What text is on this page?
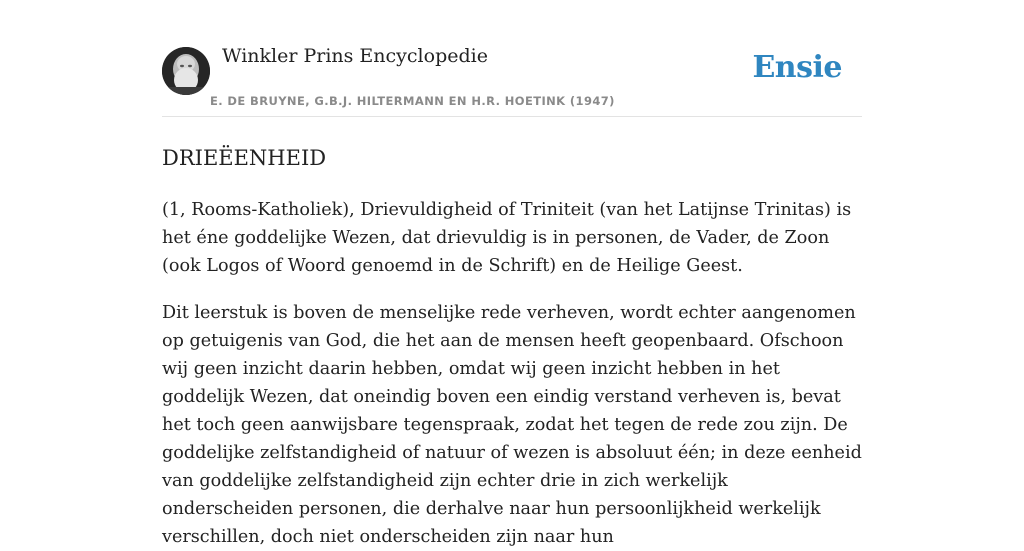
Winkler Prins Encyclopedie
E. DE BRUYNE, G.B.J. HILTERMANN EN H.R. HOETINK (1947)
Ensie
DRIEËENHEID

(1, Rooms-Katholiek), Drievuldigheid of Triniteit (van het Latijnse Trinitas) is het éne goddelijke Wezen, dat drievuldig is in personen, de Vader, de Zoon (ook Logos of Woord genoemd in de Schrift) en de Heilige Geest.

Dit leerstuk is boven de menselijke rede verheven, wordt echter aangenomen op getuigenis van God, die het aan de mensen heeft geopenbaard. Ofschoon wij geen inzicht daarin hebben, omdat wij geen inzicht hebben in het goddelijk Wezen, dat oneindig boven een eindig verstand verheven is, bevat het toch geen aanwijsbare tegenspraak, zodat het tegen de rede zou zijn. De goddelijke zelfstandigheid of natuur of wezen is absoluut één; in deze eenheid van goddelijke zelfstandigheid zijn echter drie in zich werkelijk onderscheiden personen, die derhalve naar hun persoonlijkheid werkelijk verschillen, doch niet onderscheiden zijn naar hun
